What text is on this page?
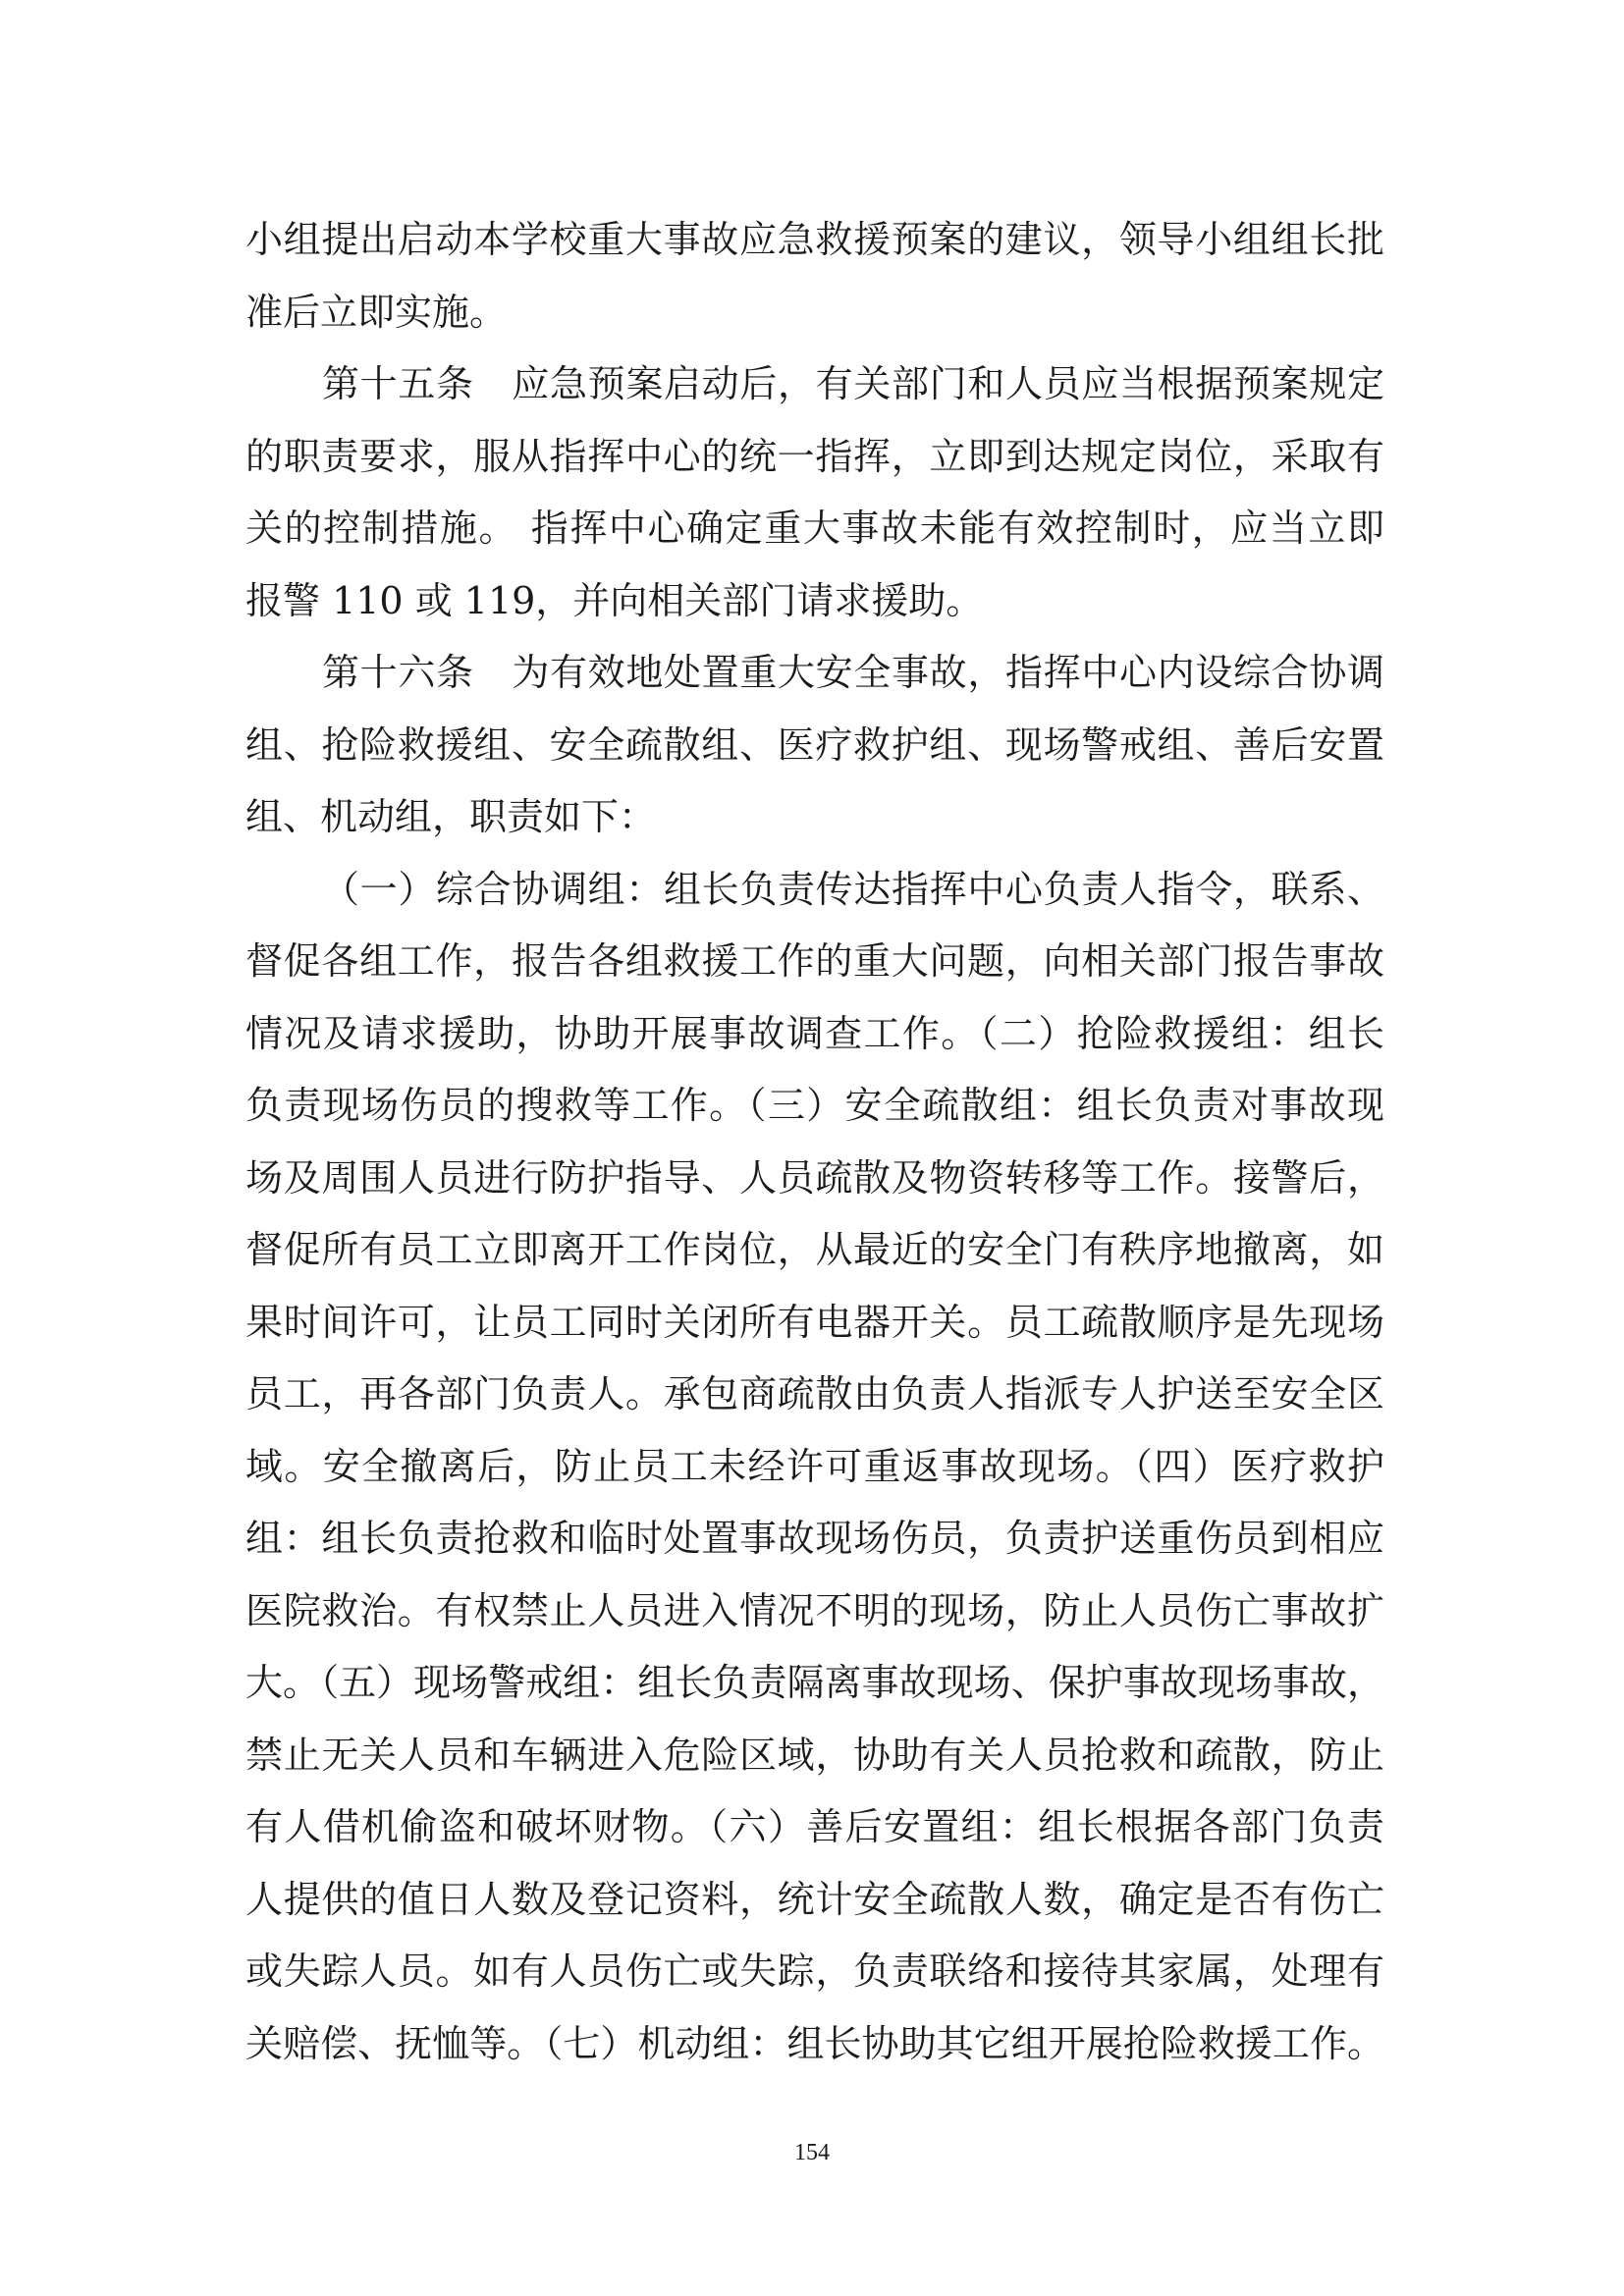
小组提出启动本学校重大事故应急救援预案的建议，领导小组组长批
准后立即实施。
第十五条　应急预案启动后，有关部门和人员应当根据预案规定
的职责要求，服从指挥中心的统一指挥，立即到达规定岗位，采取有
关的控制措施。 指挥中心确定重大事故未能有效控制时，应当立即
报警 110 或 119，并向相关部门请求援助。
第十六条　为有效地处置重大安全事故，指挥中心内设综合协调
组、抢险救援组、安全疏散组、医疗救护组、现场警戒组、善后安置
组、机动组，职责如下：
（一）综合协调组：组长负责传达指挥中心负责人指令，联系、
督促各组工作，报告各组救援工作的重大问题，向相关部门报告事故
情况及请求援助，协助开展事故调查工作。（二）抢险救援组：组长
负责现场伤员的搜救等工作。（三）安全疏散组：组长负责对事故现
场及周围人员进行防护指导、人员疏散及物资转移等工作。接警后，
督促所有员工立即离开工作岗位，从最近的安全门有秩序地撤离，如
果时间许可，让员工同时关闭所有电器开关。员工疏散顺序是先现场
员工，再各部门负责人。承包商疏散由负责人指派专人护送至安全区
域。安全撤离后，防止员工未经许可重返事故现场。（四）医疗救护
组：组长负责抢救和临时处置事故现场伤员，负责护送重伤员到相应
医院救治。有权禁止人员进入情况不明的现场，防止人员伤亡事故扩
大。（五）现场警戒组：组长负责隔离事故现场、保护事故现场事故，
禁止无关人员和车辆进入危险区域，协助有关人员抢救和疏散，防止
有人借机偷盗和破坏财物。（六）善后安置组：组长根据各部门负责
人提供的值日人数及登记资料，统计安全疏散人数，确定是否有伤亡
或失踪人员。如有人员伤亡或失踪，负责联络和接待其家属，处理有
关赔偿、抚恤等。（七）机动组：组长协助其它组开展抢险救援工作。
154
